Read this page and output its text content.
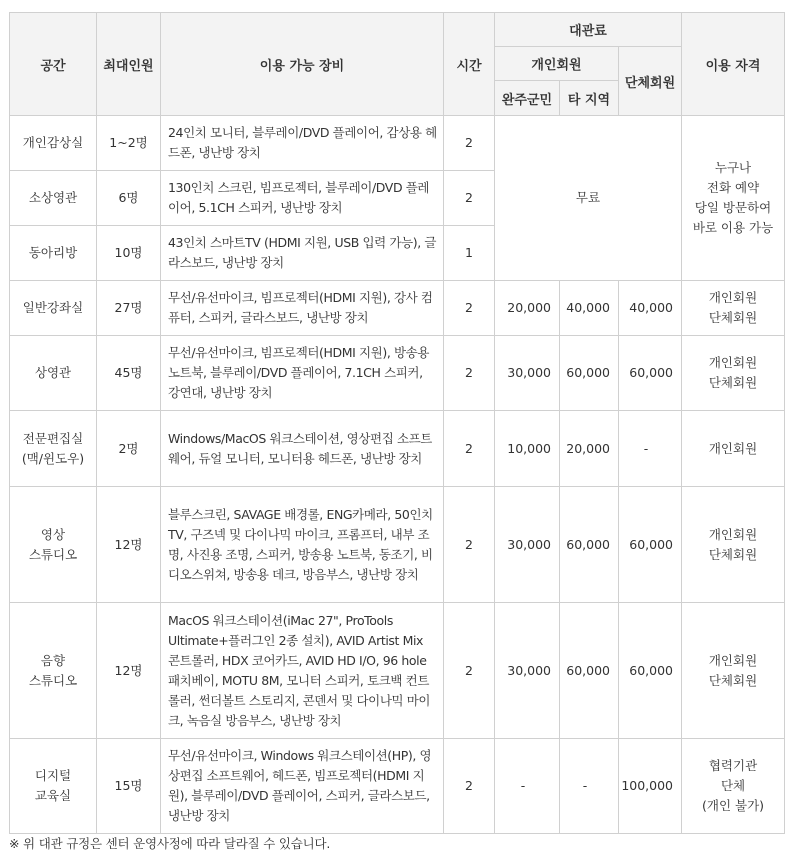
공간	최대인원	이용 가능 장비	시간	대관료			이용 자격
				개인회원		단체회원	
				완주군민	타 지역		

개인감상실	1~2명	24인치 모니터, 블루레이/DVD 플레이어, 감상용 헤드폰, 냉난방 장치	2	무료			누구나
전화 예약
당일 방문하여
바로 이용 가능

소상영관	6명	130인치 스크린, 빔프로젝터, 블루레이/DVD 플레이어, 5.1CH 스피커, 냉난방 장치	2				

동아리방	10명	43인치 스마트TV (HDMI 지원, USB 입력 가능), 글라스보드, 냉난방 장치	1				

일반강좌실	27명	무선/유선마이크, 빔프로젝터(HDMI 지원), 강사 컴퓨터, 스피커, 글라스보드, 냉난방 장치	2	20,000	40,000	40,000	개인회원
단체회원

상영관	45명	무선/유선마이크, 빔프로젝터(HDMI 지원), 방송용 노트북, 블루레이/DVD 플레이어, 7.1CH 스피커, 강연대, 냉난방 장치	2	30,000	60,000	60,000	개인회원
단체회원

전문편집실
(맥/윈도우)	2명	Windows/MacOS 워크스테이션, 영상편집 소프트웨어, 듀얼 모니터, 모니터용 헤드폰, 냉난방 장치	2	10,000	20,000	-	개인회원

영상
스튜디오	12명	블루스크린, SAVAGE 배경롤, ENG카메라, 50인치 TV, 구즈넥 및 다이나믹 마이크, 프롬프터, 내부 조명, 사진용 조명, 스피커, 방송용 노트북, 동조기, 비디오스위쳐, 방송용 데크, 방음부스, 냉난방 장치	2	30,000	60,000	60,000	개인회원
단체회원

음향
스튜디오	12명	MacOS 워크스테이션(iMac 27", ProTools Ultimate+플러그인 2종 설치), AVID Artist Mix 콘트롤러, HDX 코어카드, AVID HD I/O, 96 hole 패치베이, MOTU 8M, 모니터 스피커, 토크백 컨트롤러, 썬더볼트 스토리지, 콘덴서 및 다이나믹 마이크, 녹음실 방음부스, 냉난방 장치	2	30,000	60,000	60,000	개인회원
단체회원

디지털
교육실	15명	무선/유선마이크, Windows 워크스테이션(HP), 영상편집 소프트웨어, 헤드폰, 빔프로젝터(HDMI 지원), 블루레이/DVD 플레이어, 스피커, 글라스보드, 냉난방 장치	2	-	-	100,000	협력기관
단체
(개인 불가)
※ 위 대관 규정은 센터 운영사정에 따라 달라질 수 있습니다.
